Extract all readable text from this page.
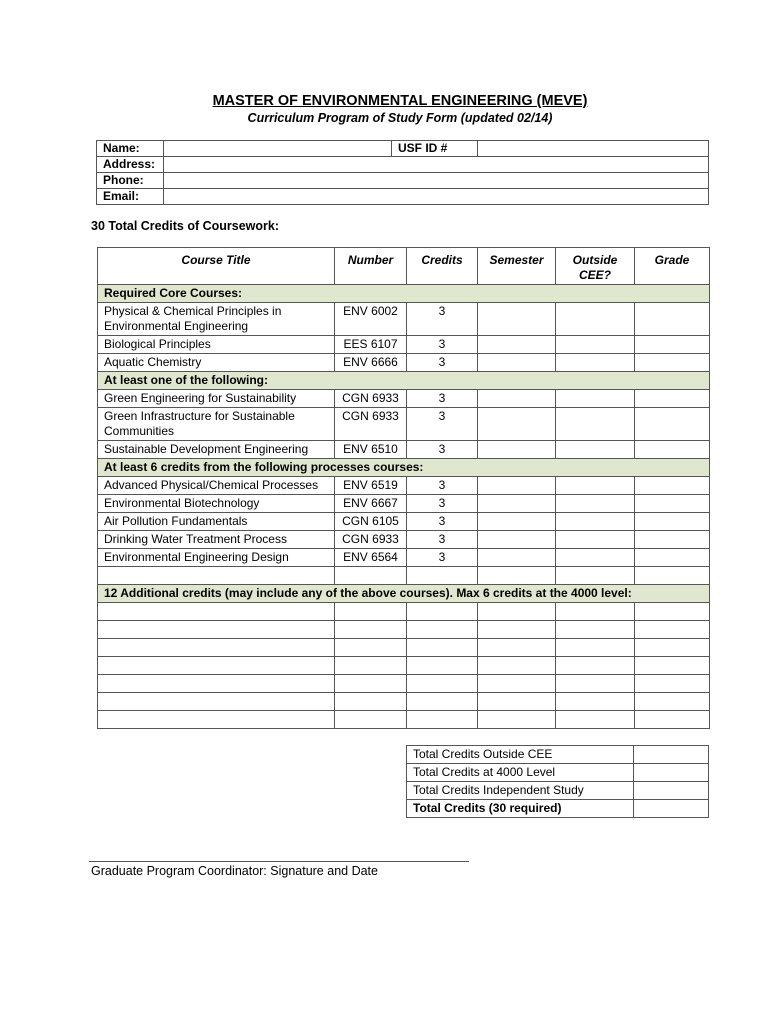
MASTER OF ENVIRONMENTAL ENGINEERING (MEVE)
Curriculum Program of Study Form (updated 02/14)
Name:		USF ID #	
Address:			
Phone:			
Email:			
30 Total Credits of Coursework:
Course Title	Number	Credits	Semester	Outside CEE?	Grade
Required Core Courses:					
Physical & Chemical Principles in Environmental Engineering	ENV 6002	3			
Biological Principles	EES 6107	3			
Aquatic Chemistry	ENV 6666	3			
At least one of the following:					
Green Engineering for Sustainability	CGN 6933	3			
Green Infrastructure for Sustainable Communities	CGN 6933	3			
Sustainable Development Engineering	ENV 6510	3			
At least 6 credits from the following processes courses:					
Advanced Physical/Chemical Processes	ENV 6519	3			
Environmental Biotechnology	ENV 6667	3			
Air Pollution Fundamentals	CGN 6105	3			
Drinking Water Treatment Process	CGN 6933	3			
Environmental Engineering Design	ENV 6564	3			

12 Additional credits (may include any of the above courses). Max 6 credits at the 4000 level:					

Total Credits Outside CEE	
Total Credits at 4000 Level	
Total Credits Independent Study	
Total Credits (30 required)	
Graduate Program Coordinator: Signature and Date
